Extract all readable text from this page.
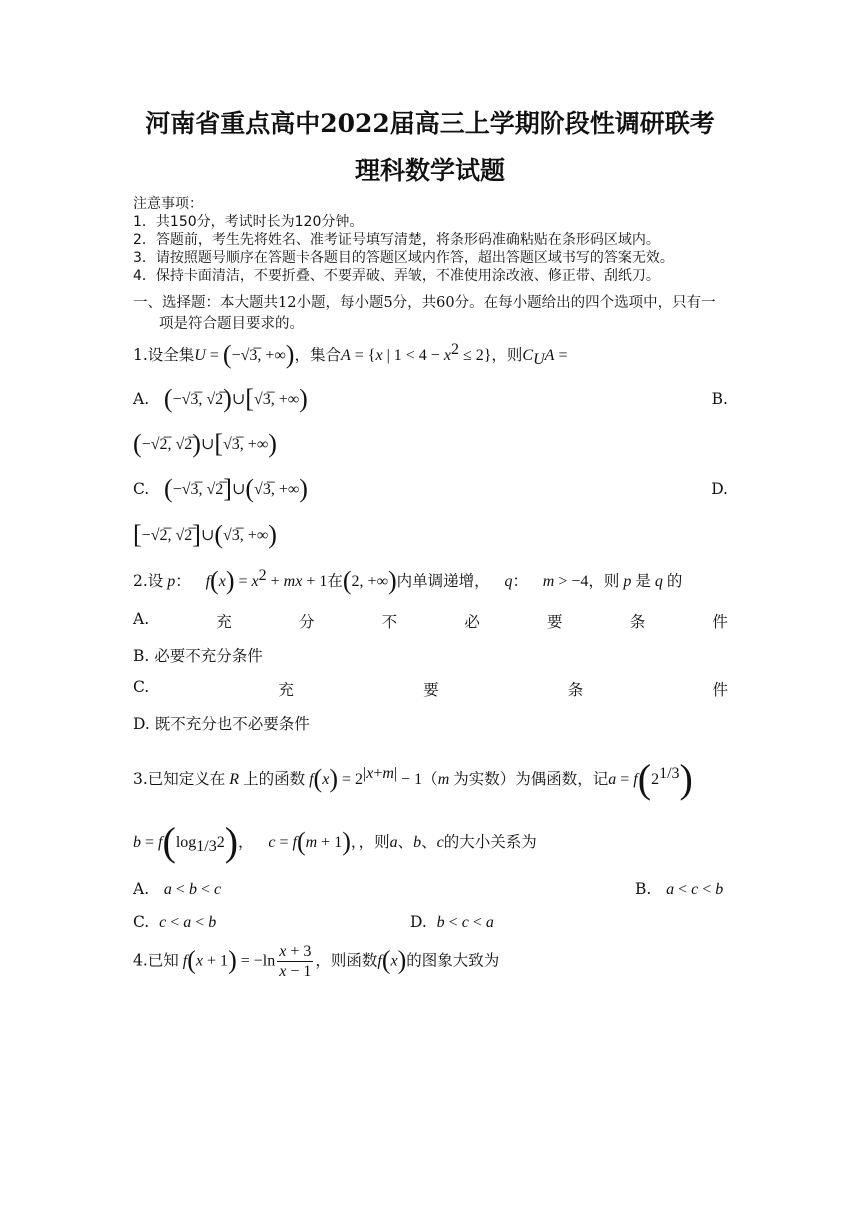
河南省重点高中2022届高三上学期阶段性调研联考
理科数学试题
注意事项：
1．共150分，考试时长为120分钟。
2．答题前，考生先将姓名、准考证号填写清楚，将条形码准确粘贴在条形码区域内。
3．请按照题号顺序在答题卡各题目的答题区域内作答，超出答题区域书写的答案无效。
4．保持卡面清洁，不要折叠、不要弄破、弄皱，不准使用涂改液、修正带、刮纸刀。
一、选择题：本大题共12小题，每小题5分，共60分。在每小题给出的四个选项中，只有一
项是符合题目要求的。
1.设全集U = (−√3̅, +∞)，集合A = {x | $1 < 4 - x^2 \le 2$}，则$C_UA$ =
A. (−√3̅, √2̅)∪[√3̅, +∞)	B.
(−√2̅, √2̅)∪[√3̅, +∞)
C. (−√3̅, √2̅]∪(√3̅, +∞)	D.
[−√2̅, √2̅]∪(√3̅, +∞)
2.设 p： $f(x) = x^2$ + mx + 1在(2, +∞)内单调递增， q： m > −4，则 p 是 q 的
A.	充	分	不	必	要	条	件
B. 必要不充分条件
C.	充	要	条	件
D. 既不充分也不必要条件
3.已知定义在 R 上的函数 $f(x) = 2^{|x+m|} - 1(m$ 为实数）为偶函数，记$a = f(2^{1/3})$
$b = f(\log_{1/3}2)$， c = f(m + 1)，，则a、b、c的大小关系为
A. a < b < c	B. a < c < b
C. c < a < b	D. b < c < a
4.已知 $f(x + 1) = -\ln \frac{x + 3}{x - 1}$ ，则函数f(x)的图象大致为
